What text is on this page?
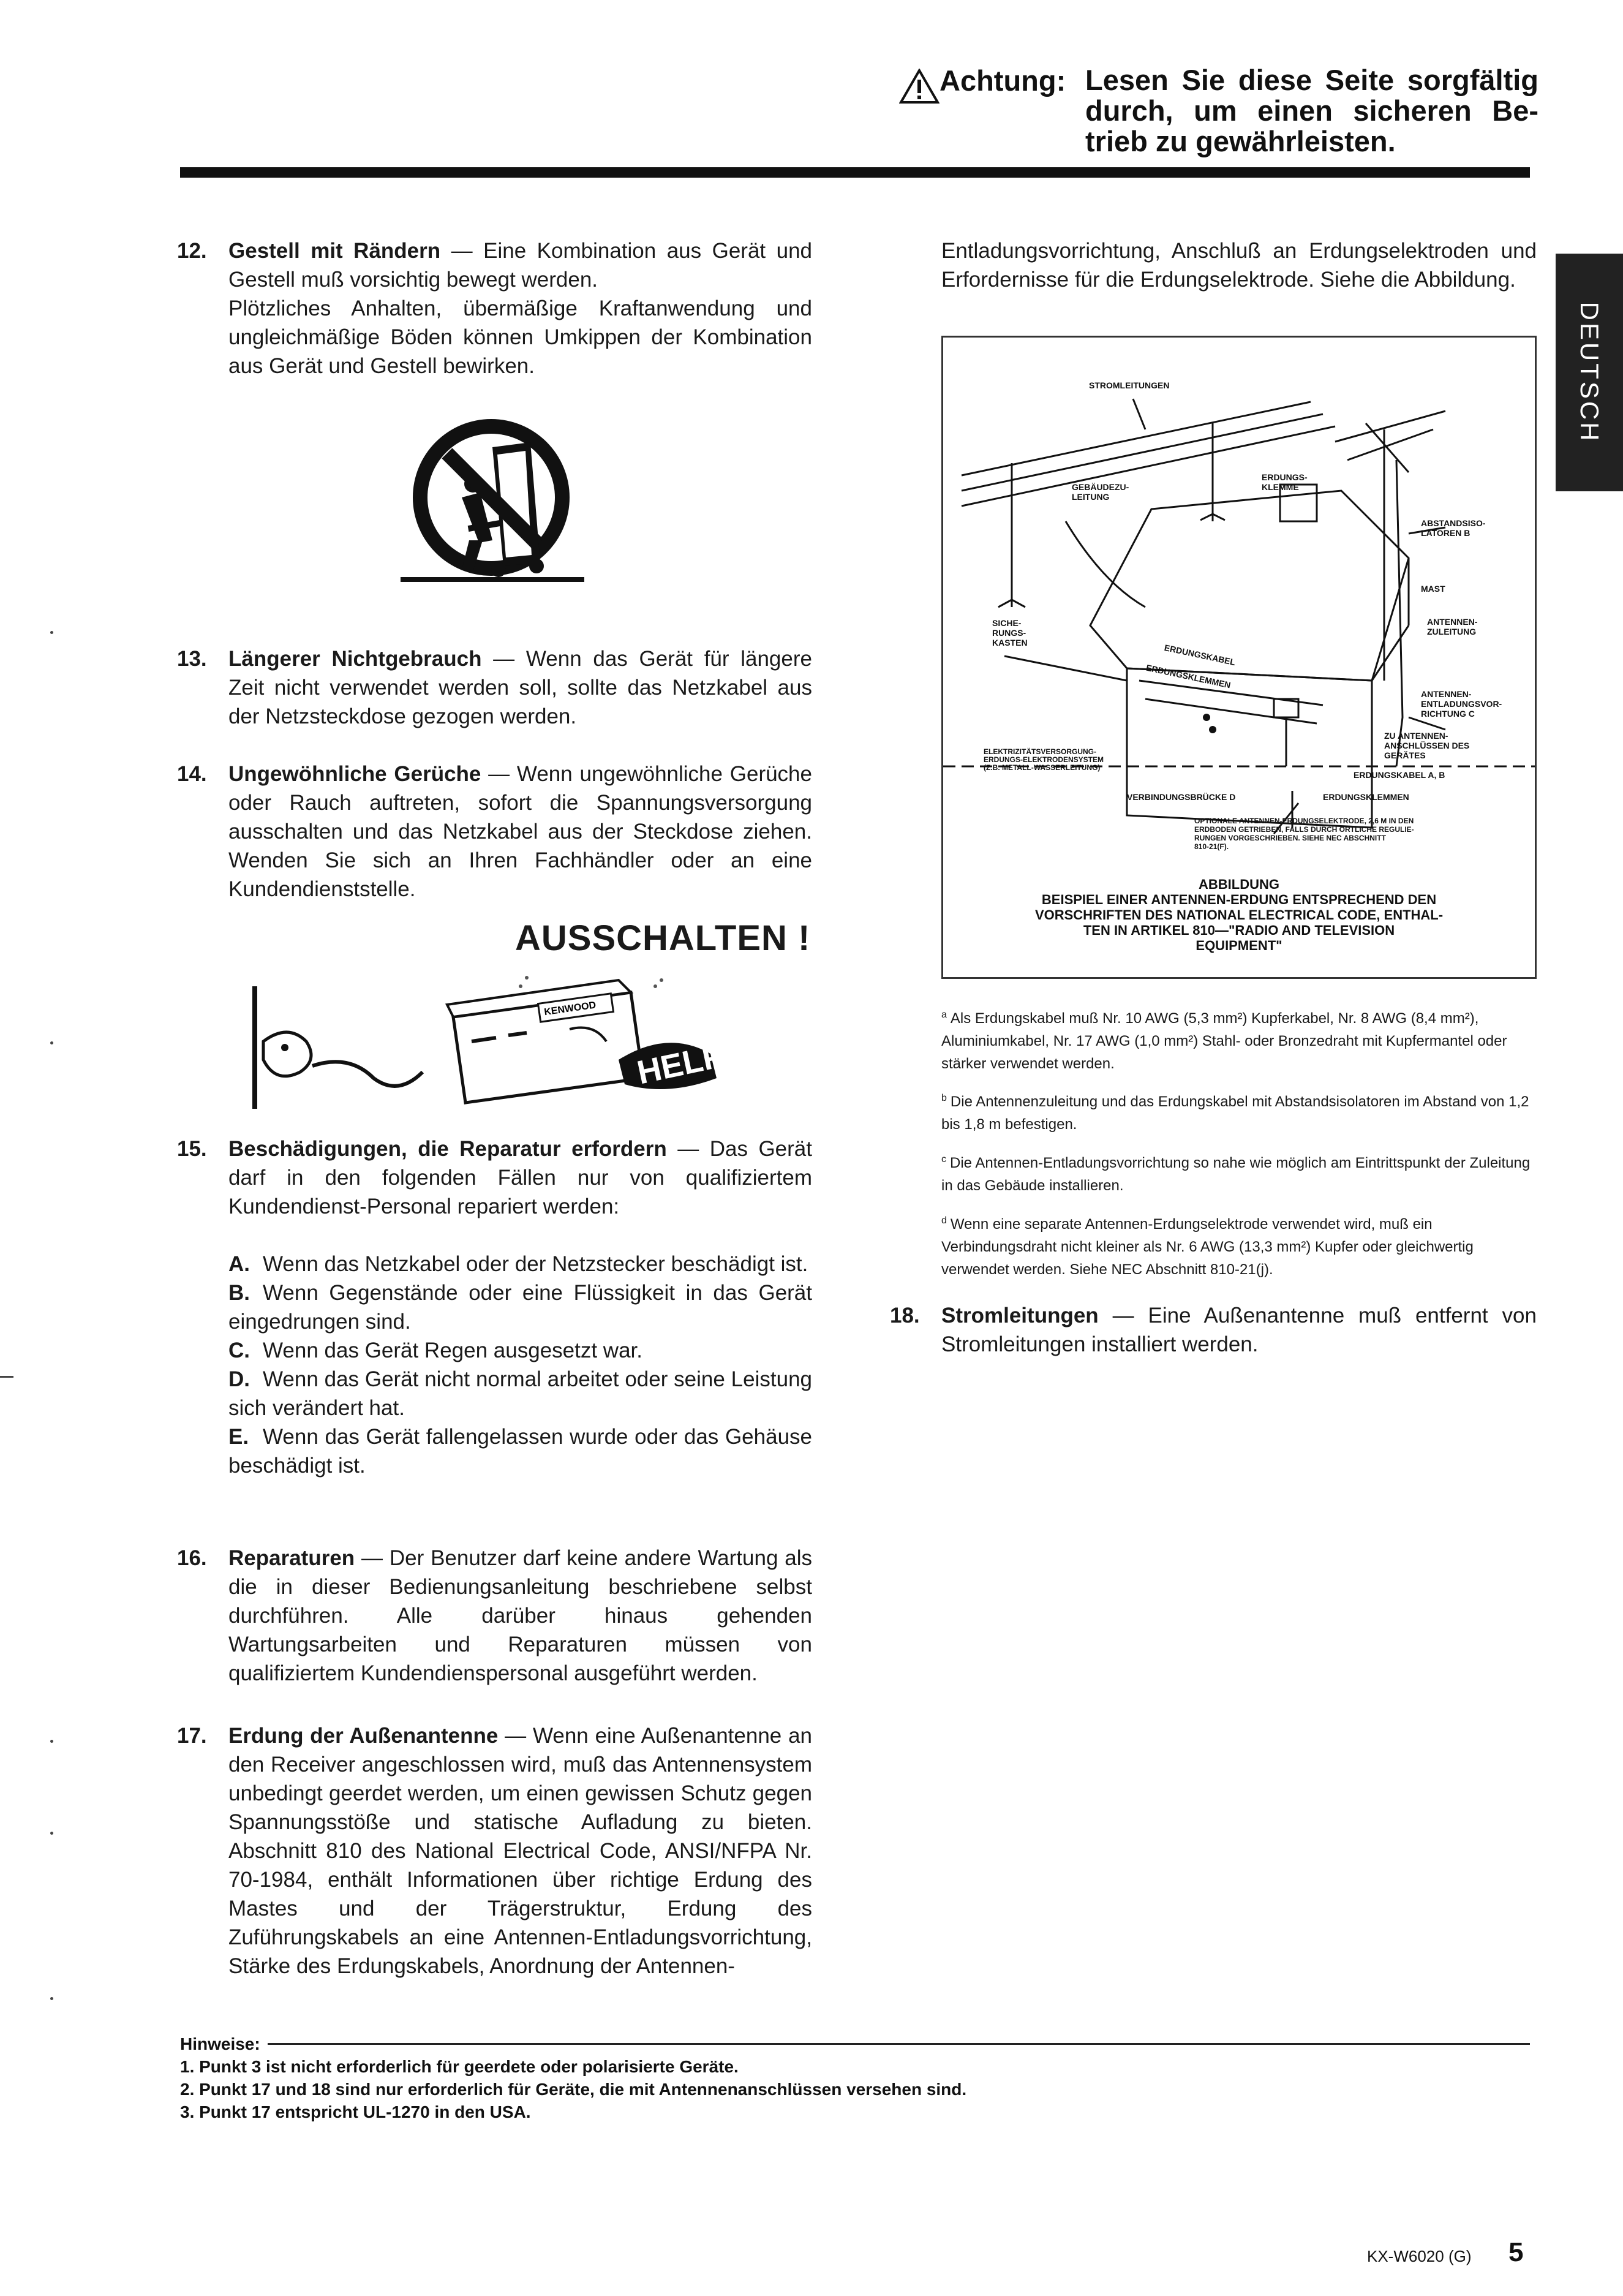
Achtung: Lesen Sie diese Seite sorgfältig
durch, um einen sicheren Be-
trieb zu gewährleisten.
DEUTSCH
12. Gestell mit Rändern — Eine Kombination aus Gerät und Gestell muß vorsichtig bewegt werden.

Plötzliches Anhalten, übermäßige Kraftanwendung und ungleichmäßige Böden können Umkippen der Kombination aus Gerät und Gestell bewirken.

13. Längerer Nichtgebrauch — Wenn das Gerät für längere Zeit nicht verwendet werden soll, sollte das Netzkabel aus der Netzsteckdose gezogen werden.

14. Ungewöhnliche Gerüche — Wenn ungewöhnliche Gerüche oder Rauch auftreten, sofort die Spannungsversorgung ausschalten und das Netzkabel aus der Steckdose ziehen. Wenden Sie sich an Ihren Fachhändler oder an eine Kundendienststelle.

AUSSCHALTEN !
KENWOOD
HELP
15. Beschädigungen, die Reparatur erfordern — Das Gerät darf in den folgenden Fällen nur von qualifiziertem Kundendienst-Personal repariert werden:

A. Wenn das Netzkabel oder der Netzstecker beschädigt ist.

B. Wenn Gegenstände oder eine Flüssigkeit in das Gerät eingedrungen sind.

C. Wenn das Gerät Regen ausgesetzt war.

D. Wenn das Gerät nicht normal arbeitet oder seine Leistung sich verändert hat.

E. Wenn das Gerät fallengelassen wurde oder das Gehäuse beschädigt ist.

16. Reparaturen — Der Benutzer darf keine andere Wartung als die in dieser Bedienungsanleitung beschriebene selbst durchführen. Alle darüber hinaus gehenden Wartungsarbeiten und Reparaturen müssen von qualifiziertem Kundendienspersonal ausgeführt werden.

17. Erdung der Außenantenne — Wenn eine Außenantenne an den Receiver angeschlossen wird, muß das Antennensystem unbedingt geerdet werden, um einen gewissen Schutz gegen Spannungsstöße und statische Aufladung zu bieten. Abschnitt 810 des National Electrical Code, ANSI/NFPA Nr. 70-1984, enthält Informationen über richtige Erdung des Mastes und der Trägerstruktur, Erdung des Zuführungskabels an eine Antennen-Entladungsvorrichtung, Stärke des Erdungskabels, Anordnung der Antennen-

Entladungsvorrichtung, Anschluß an Erdungselektroden und Erfordernisse für die Erdungselektrode. Siehe die Abbildung.

STROMLEITUNGEN
GEBÄUDEZU-
LEITUNG
ERDUNGS-
KLEMME
ABSTANDSISO-
LATOREN B
MAST
SICHE-
RUNGS-
KASTEN
ANTENNEN-
ZULEITUNG
ERDUNGSKABEL
ERDUNGSKLEMMEN
ANTENNEN-
ENTLADUNGSVOR-
RICHTUNG C
ELEKTRIZITÄTSVERSORGUNG-
ERDUNGS-ELEKTRODENSYSTEM
(Z.B. METALL-WASSERLEITUNG)
ZU ANTENNEN-
ANSCHLÜSSEN DES
GERÄTES
ERDUNGSKABEL A, B
VERBINDUNGSBRÜCKE D	ERDUNGSKLEMMEN
OPTIONALE ANTENNEN-ERDUNGSELEKTRODE, 2,6 M IN DEN
ERDBODEN GETRIEBEN, FALLS DURCH ÖRTLICHE REGULIE-
RUNGEN VORGESCHRIEBEN. SIEHE NEC ABSCHNITT
810-21(F).
ABBILDUNG
BEISPIEL EINER ANTENNEN-ERDUNG ENTSPRECHEND DEN
VORSCHRIFTEN DES NATIONAL ELECTRICAL CODE, ENTHAL-
TEN IN ARTIKEL 810—"RADIO AND TELEVISION
EQUIPMENT"
$^a$ Als Erdungskabel muß Nr. 10 AWG (5,3 mm²) Kupferkabel, Nr. 8 AWG (8,4 mm²), Aluminiumkabel, Nr. 17 AWG (1,0 mm²) Stahl- oder Bronzedraht mit Kupfermantel oder stärker verwendet werden.
$^b$ Die Antennenzuleitung und das Erdungskabel mit Abstandsisolatoren im Abstand von 1,2 bis 1,8 m befestigen.
$^c$ Die Antennen-Entladungsvorrichtung so nahe wie möglich am Eintrittspunkt der Zuleitung in das Gebäude installieren.
$^d$ Wenn eine separate Antennen-Erdungselektrode verwendet wird, muß ein Verbindungsdraht nicht kleiner als Nr. 6 AWG (13,3 mm²) Kupfer oder gleichwertig verwendet werden. Siehe NEC Abschnitt 810-21(j).
18. Stromleitungen — Eine Außenantenne muß entfernt von Stromleitungen installiert werden.

Hinweise:
1. Punkt 3 ist nicht erforderlich für geerdete oder polarisierte Geräte.
2. Punkt 17 und 18 sind nur erforderlich für Geräte, die mit Antennenanschlüssen versehen sind.
3. Punkt 17 entspricht UL-1270 in den USA.
KX-W6020 (G) 5
